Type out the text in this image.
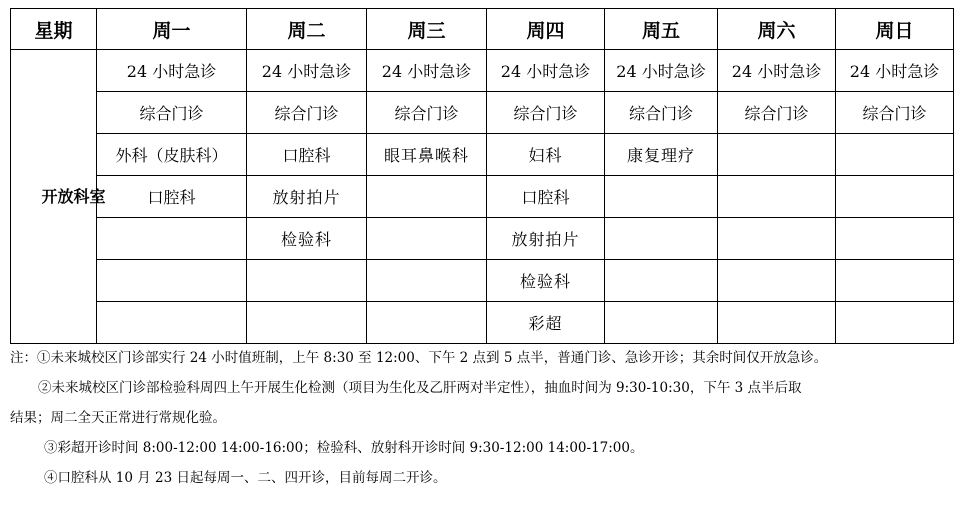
星期	周一	周二	周三	周四	周五	周六	周日
开放科室	24 小时急诊	24 小时急诊	24 小时急诊	24 小时急诊	24 小时急诊	24 小时急诊	24 小时急诊
	综合门诊	综合门诊	综合门诊	综合门诊	综合门诊	综合门诊	综合门诊
	外科（皮肤科）	口腔科	眼耳鼻喉科	妇科	康复理疗		
	口腔科	放射拍片		口腔科			
		检验科		放射拍片			
				检验科			
				彩超			

注：①未来城校区门诊部实行 24 小时值班制，上午 8:30 至 12:00、下午 2 点到 5 点半，普通门诊、急诊开诊；其余时间仅开放急诊。

②未来城校区门诊部检验科周四上午开展生化检测（项目为生化及乙肝两对半定性），抽血时间为 9:30-10:30，下午 3 点半后取

结果；周二全天正常进行常规化验。

③彩超开诊时间 8:00-12:00 14:00-16:00；检验科、放射科开诊时间 9:30-12:00 14:00-17:00。

④口腔科从 10 月 23 日起每周一、二、四开诊，目前每周二开诊。
